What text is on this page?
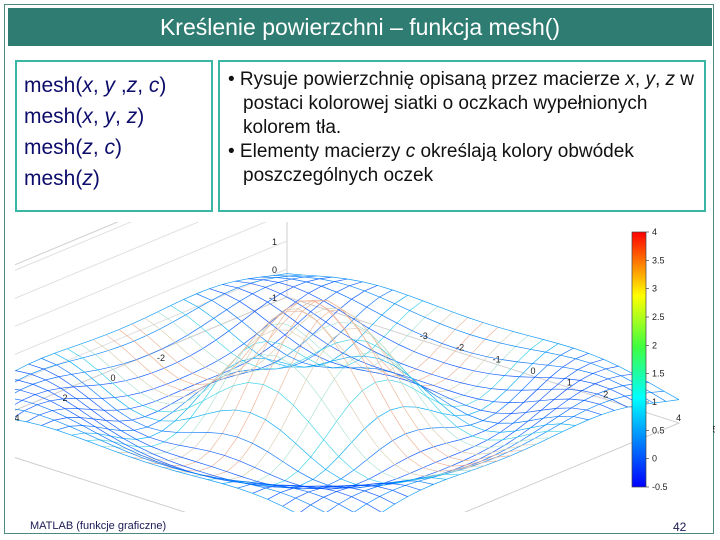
Kreślenie powierzchni – funkcja mesh()
mesh(x, y ,z, c)
mesh(x, y, z)
mesh(z, c)
mesh(z)
• Rysuje powierzchnię opisaną przez macierze x, y, z w postaci kolorowej siatki o oczkach wypełnionych kolorem tła.
• Elementy macierzy c określają kolory obwódek poszczególnych oczek
1
0
-1
4
2
0
-2
-3
-2
-1
0
1
2
4
4
3.5
3
2.5
2
1.5
1
0.5
0
-0.5
MATLAB (funkcje graficzne)	42
